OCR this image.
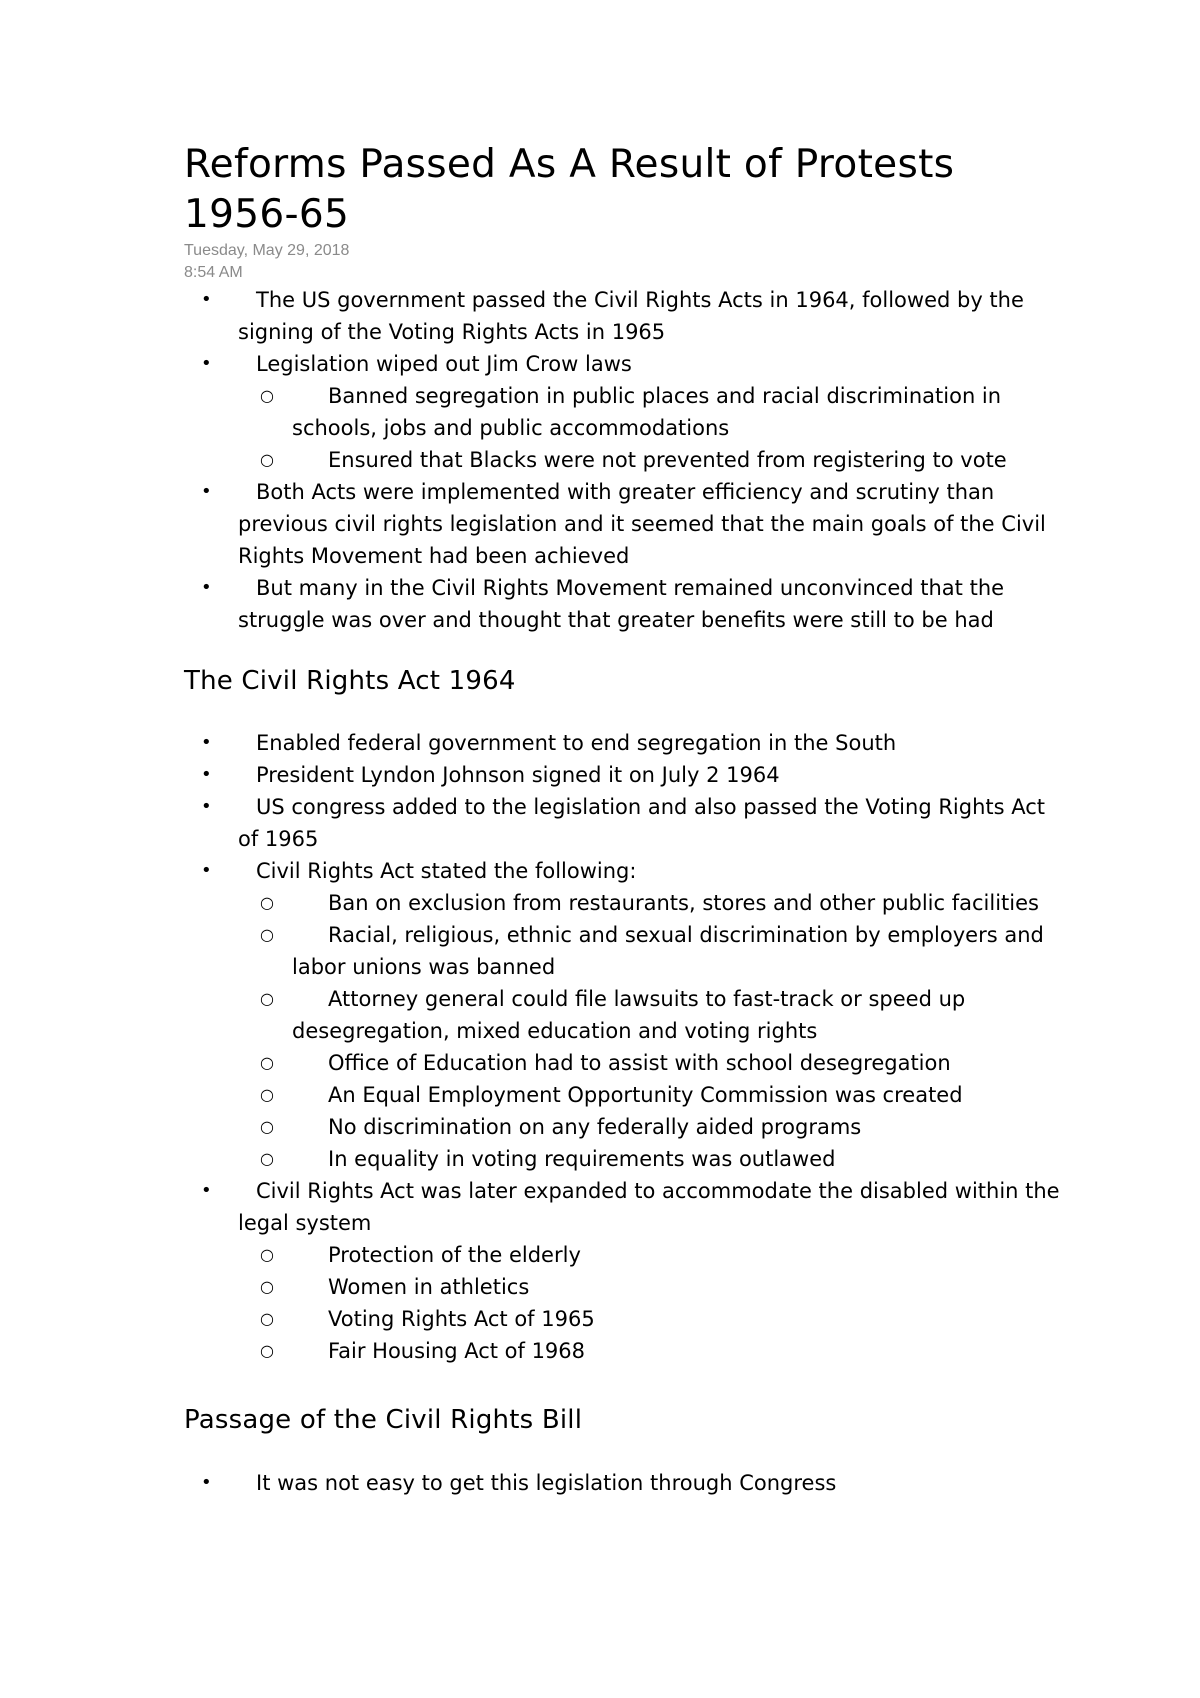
Reforms Passed As A Result of Protests 1956-65
Tuesday, May 29, 2018
8:54 AM
• The US government passed the Civil Rights Acts in 1964, followed by the signing of the Voting Rights Acts in 1965
• Legislation wiped out Jim Crow laws
○	Banned segregation in public places and racial discrimination in schools, jobs and public accommodations
○	Ensured that Blacks were not prevented from registering to vote
• Both Acts were implemented with greater efficiency and scrutiny than previous civil rights legislation and it seemed that the main goals of the Civil Rights Movement had been achieved
• But many in the Civil Rights Movement remained unconvinced that the struggle was over and thought that greater benefits were still to be had
The Civil Rights Act 1964
• Enabled federal government to end segregation in the South
• President Lyndon Johnson signed it on July 2 1964
• US congress added to the legislation and also passed the Voting Rights Act of 1965
• Civil Rights Act stated the following:
○	Ban on exclusion from restaurants, stores and other public facilities
○	Racial, religious, ethnic and sexual discrimination by employers and labor unions was banned
○	Attorney general could file lawsuits to fast-track or speed up desegregation, mixed education and voting rights
○	Office of Education had to assist with school desegregation
○	An Equal Employment Opportunity Commission was created
○	No discrimination on any federally aided programs
○	In equality in voting requirements was outlawed
• Civil Rights Act was later expanded to accommodate the disabled within the legal system
○	Protection of the elderly
○	Women in athletics
○	Voting Rights Act of 1965
○	Fair Housing Act of 1968
Passage of the Civil Rights Bill
• It was not easy to get this legislation through Congress
